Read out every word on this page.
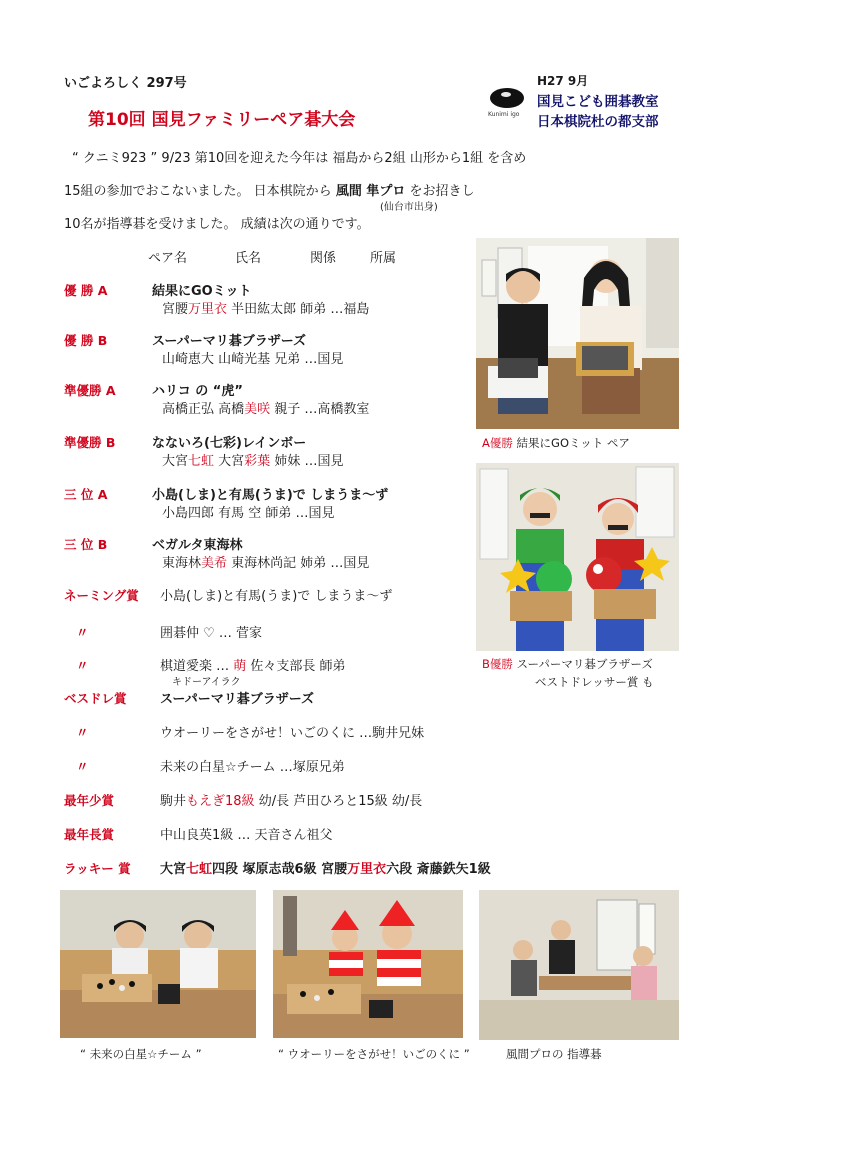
いごよろしく 297号	H27 9月
Kunimi igo
国見こども囲碁教室
日本棋院杜の都支部
第10回 国見ファミリーペア碁大会
“ クニミ923 ” 9/23 第10回を迎えた今年は 福島から2組 山形から1組 を含め
15組の参加でおこないました。 日本棋院から 風間 隼プロ をお招きし
(仙台市出身)
10名が指導碁を受けました。 成績は次の通りです。
ペア名	氏名	関係	所属
優 勝 A	結果にGOミット
宮腰万里衣 半田紘太郎 師弟 …福島
優 勝 B	スーパーマリ碁ブラザーズ
山崎恵大 山崎光基 兄弟 …国見
準優勝 A	ハリコ の “虎”
高橋正弘 高橋美咲 親子 …高橋教室
準優勝 B	なないろ(七彩)レインボー
大宮七虹 大宮彩葉 姉妹 …国見
三 位 A	小島(しま)と有馬(うま)で しまうま～ず
小島四郎 有馬 空 師弟 …国見
三 位 B	ベガルタ東海林
東海林美希 東海林尚記 姉弟 …国見
ネーミング賞 小島(しま)と有馬(うま)で しまうま～ず
〃	囲碁仲 ♡ … 菅家
〃	棋道愛楽 … 萌 佐々支部長 師弟
キドーアイラク
ベスドレ賞	スーパーマリ碁ブラザーズ
〃	ウオーリーをさがせ！いごのくに …駒井兄妹
〃	未来の白星☆チーム …塚原兄弟
最年少賞	駒井もえぎ18級 幼/長 芦田ひろと15級 幼/長
最年長賞	中山良英1級 … 天音さん祖父
ラッキー 賞 大宮七虹四段 塚原志哉6級 宮腰万里衣六段 斎藤鉄矢1級
A優勝 結果にGOミット ペア
B優勝 スーパーマリ碁ブラザーズ
ベストドレッサー賞 も
“ 未来の白星☆チーム ”	“ ウオーリーをさがせ！いごのくに ”	風間プロの 指導碁
